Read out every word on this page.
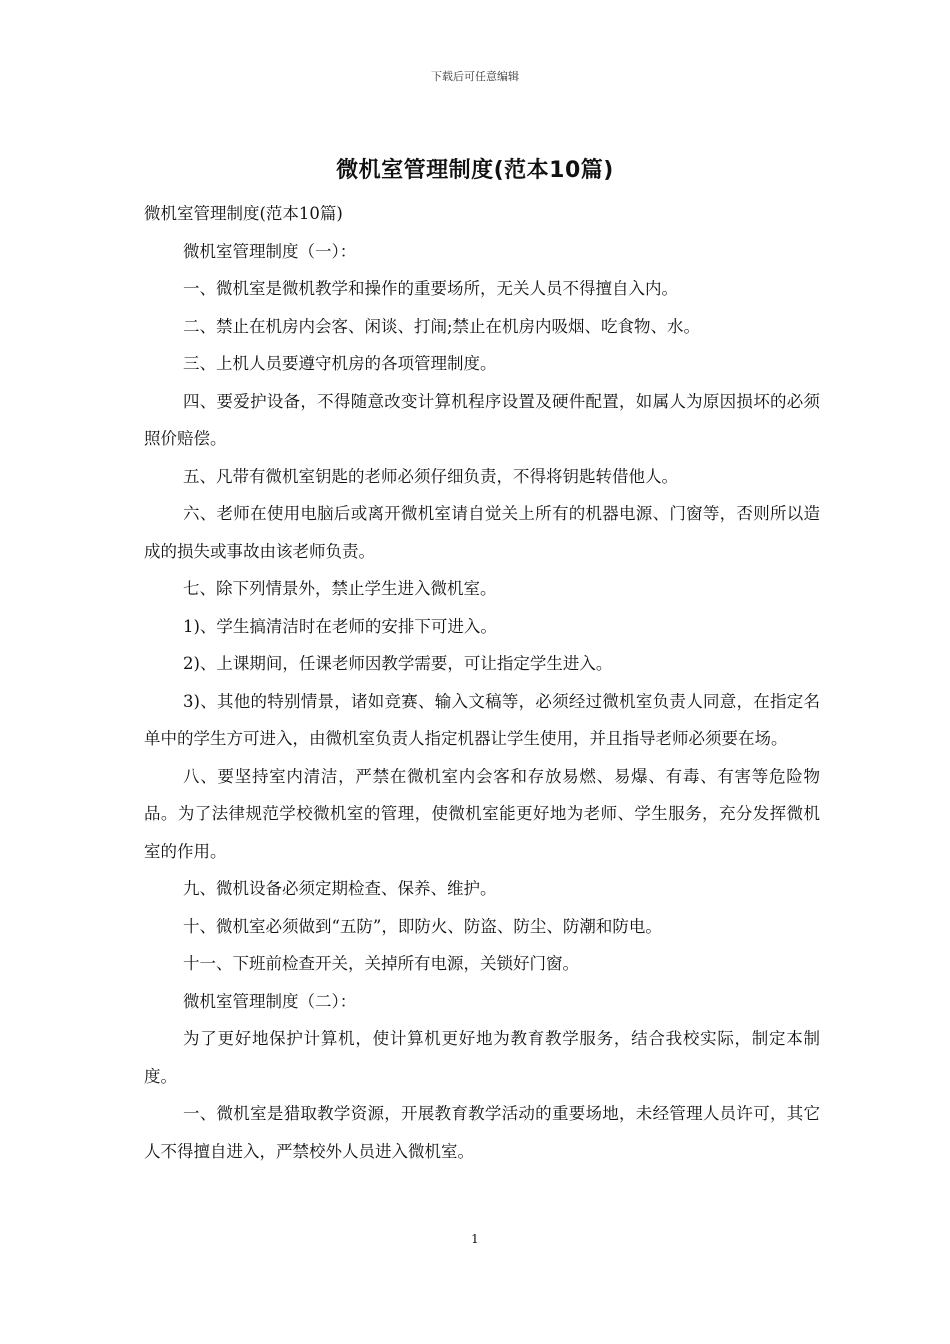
下载后可任意编辑
微机室管理制度(范本10篇)

微机室管理制度(范本10篇)

微机室管理制度（一）：

一、微机室是微机教学和操作的重要场所，无关人员不得擅自入内。

二、禁止在机房内会客、闲谈、打闹;禁止在机房内吸烟、吃食物、水。

三、上机人员要遵守机房的各项管理制度。

四、要爱护设备，不得随意改变计算机程序设置及硬件配置，如属人为原因损坏的必须照价赔偿。

五、凡带有微机室钥匙的老师必须仔细负责，不得将钥匙转借他人。

六、老师在使用电脑后或离开微机室请自觉关上所有的机器电源、门窗等，否则所以造成的损失或事故由该老师负责。

七、除下列情景外，禁止学生进入微机室。

1)、学生搞清洁时在老师的安排下可进入。

2)、上课期间，任课老师因教学需要，可让指定学生进入。

3)、其他的特别情景，诸如竞赛、输入文稿等，必须经过微机室负责人同意，在指定名单中的学生方可进入，由微机室负责人指定机器让学生使用，并且指导老师必须要在场。

八、要坚持室内清洁，严禁在微机室内会客和存放易燃、易爆、有毒、有害等危险物品。为了法律规范学校微机室的管理，使微机室能更好地为老师、学生服务，充分发挥微机室的作用。

九、微机设备必须定期检查、保养、维护。

十、微机室必须做到“五防”，即防火、防盗、防尘、防潮和防电。

十一、下班前检查开关，关掉所有电源，关锁好门窗。

微机室管理制度（二）：

为了更好地保护计算机，使计算机更好地为教育教学服务，结合我校实际，制定本制度。

一、微机室是猎取教学资源，开展教育教学活动的重要场地，未经管理人员许可，其它人不得擅自进入，严禁校外人员进入微机室。

1
